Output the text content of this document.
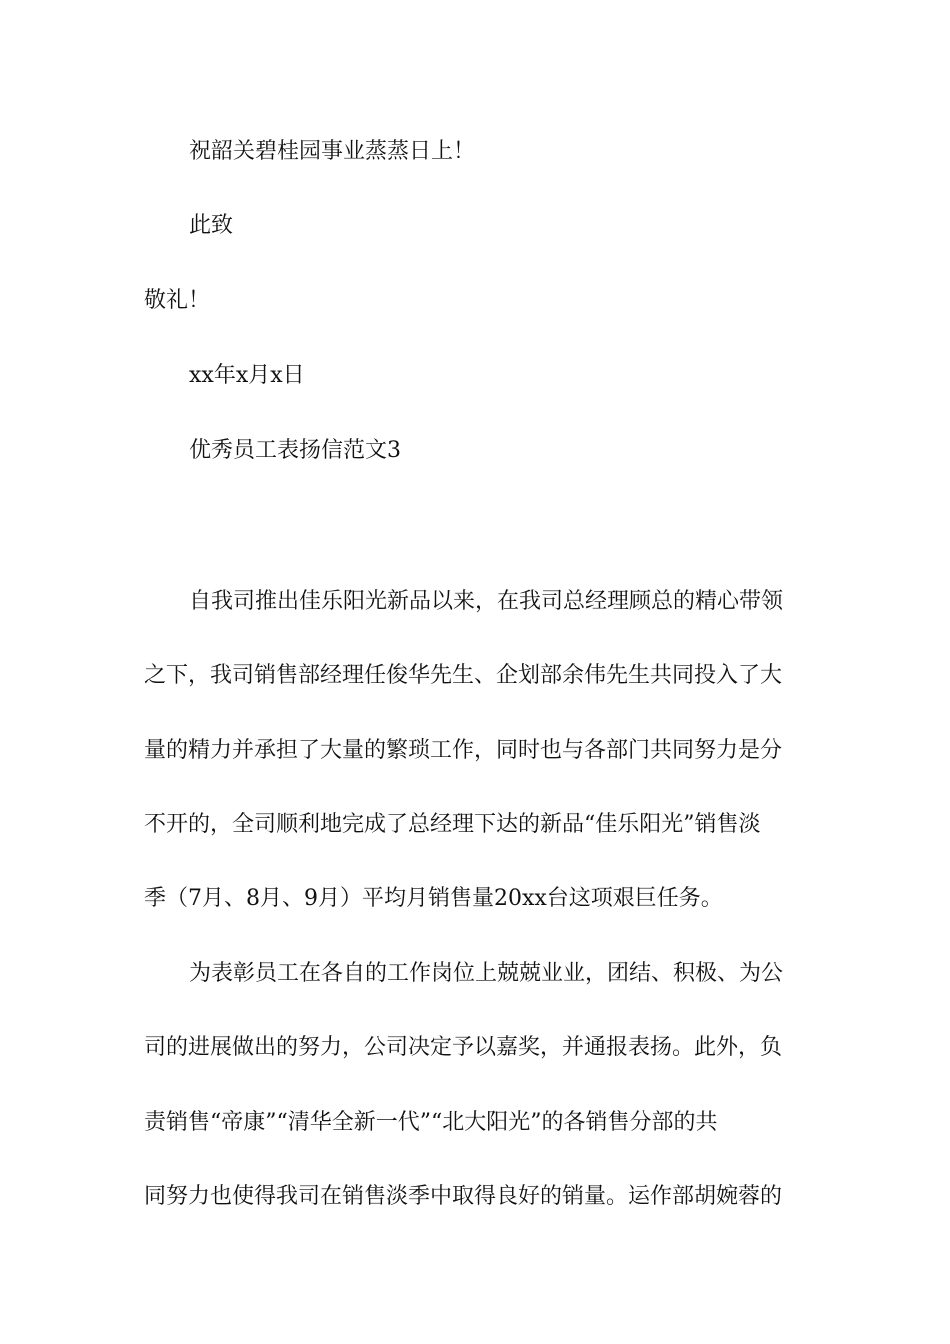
祝韶关碧桂园事业蒸蒸日上！
此致
敬礼！
xx年x月x日
优秀员工表扬信范文3
自我司推出佳乐阳光新品以来，在我司总经理顾总的精心带领
之下，我司销售部经理任俊华先生、企划部余伟先生共同投入了大
量的精力并承担了大量的繁琐工作，同时也与各部门共同努力是分
不开的，全司顺利地完成了总经理下达的新品“佳乐阳光”销售淡
季（7月、8月、9月）平均月销售量20xx台这项艰巨任务。
为表彰员工在各自的工作岗位上兢兢业业，团结、积极、为公
司的进展做出的努力，公司决定予以嘉奖，并通报表扬。此外，负
责销售“帝康”“清华全新一代”“北大阳光”的各销售分部的共
同努力也使得我司在销售淡季中取得良好的销量。运作部胡婉蓉的
